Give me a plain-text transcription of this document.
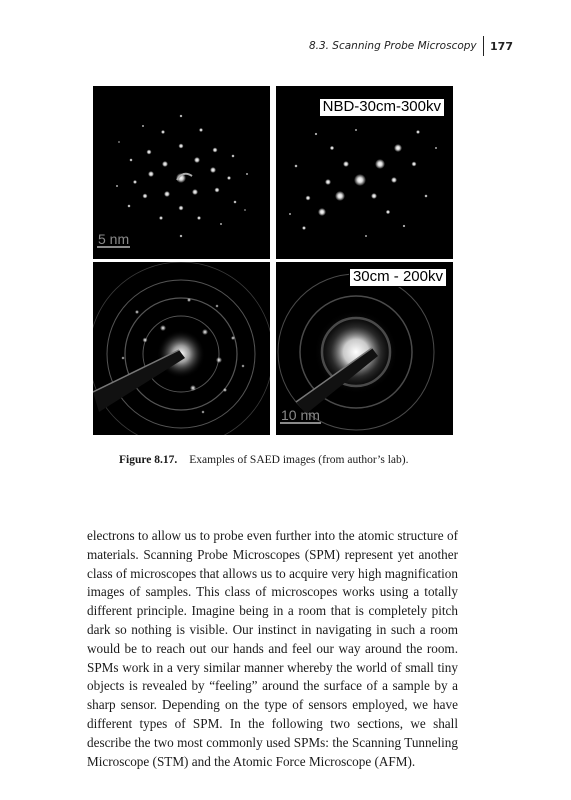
8.3. Scanning Probe Microscopy 177
5 nm
NBD-30cm-300kv
30cm - 200kv
10 nm
Figure 8.17. Examples of SAED images (from author’s lab).

electrons to allow us to probe even further into the atomic structure of materials. Scanning Probe Microscopes (SPM) represent yet another class of microscopes that allows us to acquire very high magnification images of samples. This class of microscopes works using a totally different principle. Imagine being in a room that is completely pitch dark so nothing is visible. Our instinct in navigating in such a room would be to reach out our hands and feel our way around the room. SPMs work in a very similar manner whereby the world of small tiny objects is revealed by “feeling” around the surface of a sample by a sharp sensor. Depending on the type of sensors employed, we have different types of SPM. In the following two sections, we shall describe the two most commonly used SPMs: the Scanning Tunneling Microscope (STM) and the Atomic Force Microscope (AFM).
